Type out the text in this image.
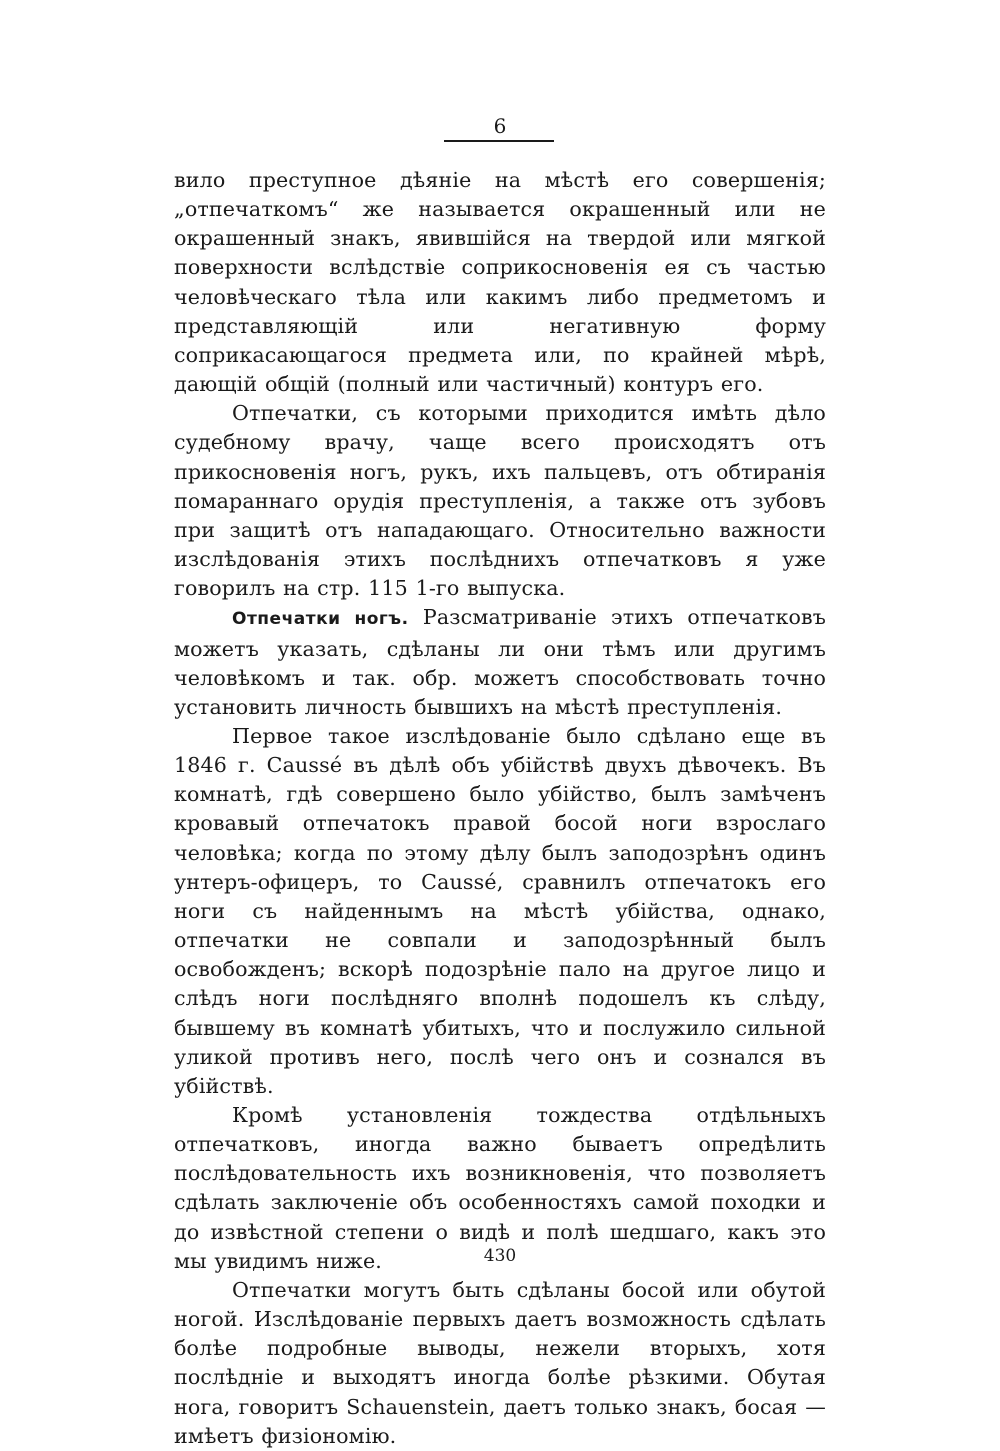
6

вило преступное дѣяніе на мѣстѣ его совершенія; „отпечаткомъ“ же называется окрашенный или не окрашенный знакъ, явившійся на твердой или мягкой поверхности вслѣдствіе соприкосновенія ея съ частью человѣческаго тѣла или какимъ либо предметомъ и представляющій или негативную форму соприкасающагося предмета или, по крайней мѣрѣ, дающій общій (полный или частичный) контуръ его.

Отпечатки, съ которыми приходится имѣть дѣло судебному врачу, чаще всего происходятъ отъ прикосновенія ногъ, рукъ, ихъ пальцевъ, отъ обтиранія помараннаго орудія преступленія, а также отъ зубовъ при защитѣ отъ нападающаго. Относительно важности изслѣдованія этихъ послѣднихъ отпечатковъ я уже говорилъ на стр. 115 1-го выпуска.

Отпечатки ногъ. Разсматриваніе этихъ отпечатковъ можетъ указать, сдѣланы ли они тѣмъ или другимъ человѣкомъ и так. обр. можетъ способствовать точно установить личность бывшихъ на мѣстѣ преступленія.

Первое такое изслѣдованіе было сдѣлано еще въ 1846 г. Caussé въ дѣлѣ объ убійствѣ двухъ дѣвочекъ. Въ комнатѣ, гдѣ совершено было убійство, былъ замѣченъ кровавый отпечатокъ правой босой ноги взрослаго человѣка; когда по этому дѣлу былъ заподозрѣнъ одинъ унтеръ-офицеръ, то Caussé, сравнилъ отпечатокъ его ноги съ найденнымъ на мѣстѣ убійства, однако, отпечатки не совпали и заподозрѣнный былъ освобожденъ; вскорѣ подозрѣніе пало на другое лицо и слѣдъ ноги послѣдняго вполнѣ подошелъ къ слѣду, бывшему въ комнатѣ убитыхъ, что и послужило сильной уликой противъ него, послѣ чего онъ и сознался въ убійствѣ.

Кромѣ установленія тождества отдѣльныхъ отпечатковъ, иногда важно бываетъ опредѣлить послѣдовательность ихъ возникновенія, что позволяетъ сдѣлать заключеніе объ особенностяхъ самой походки и до извѣстной степени о видѣ и полѣ шедшаго, какъ это мы увидимъ ниже.

Отпечатки могутъ быть сдѣланы босой или обутой ногой. Изслѣдованіе первыхъ даетъ возможность сдѣлать болѣе подробные выводы, нежели вторыхъ, хотя послѣдніе и выходятъ иногда болѣе рѣзкими. Обутая нога, говоритъ Schauenstein, даетъ только знакъ, босая — имѣетъ физіономію.

430
